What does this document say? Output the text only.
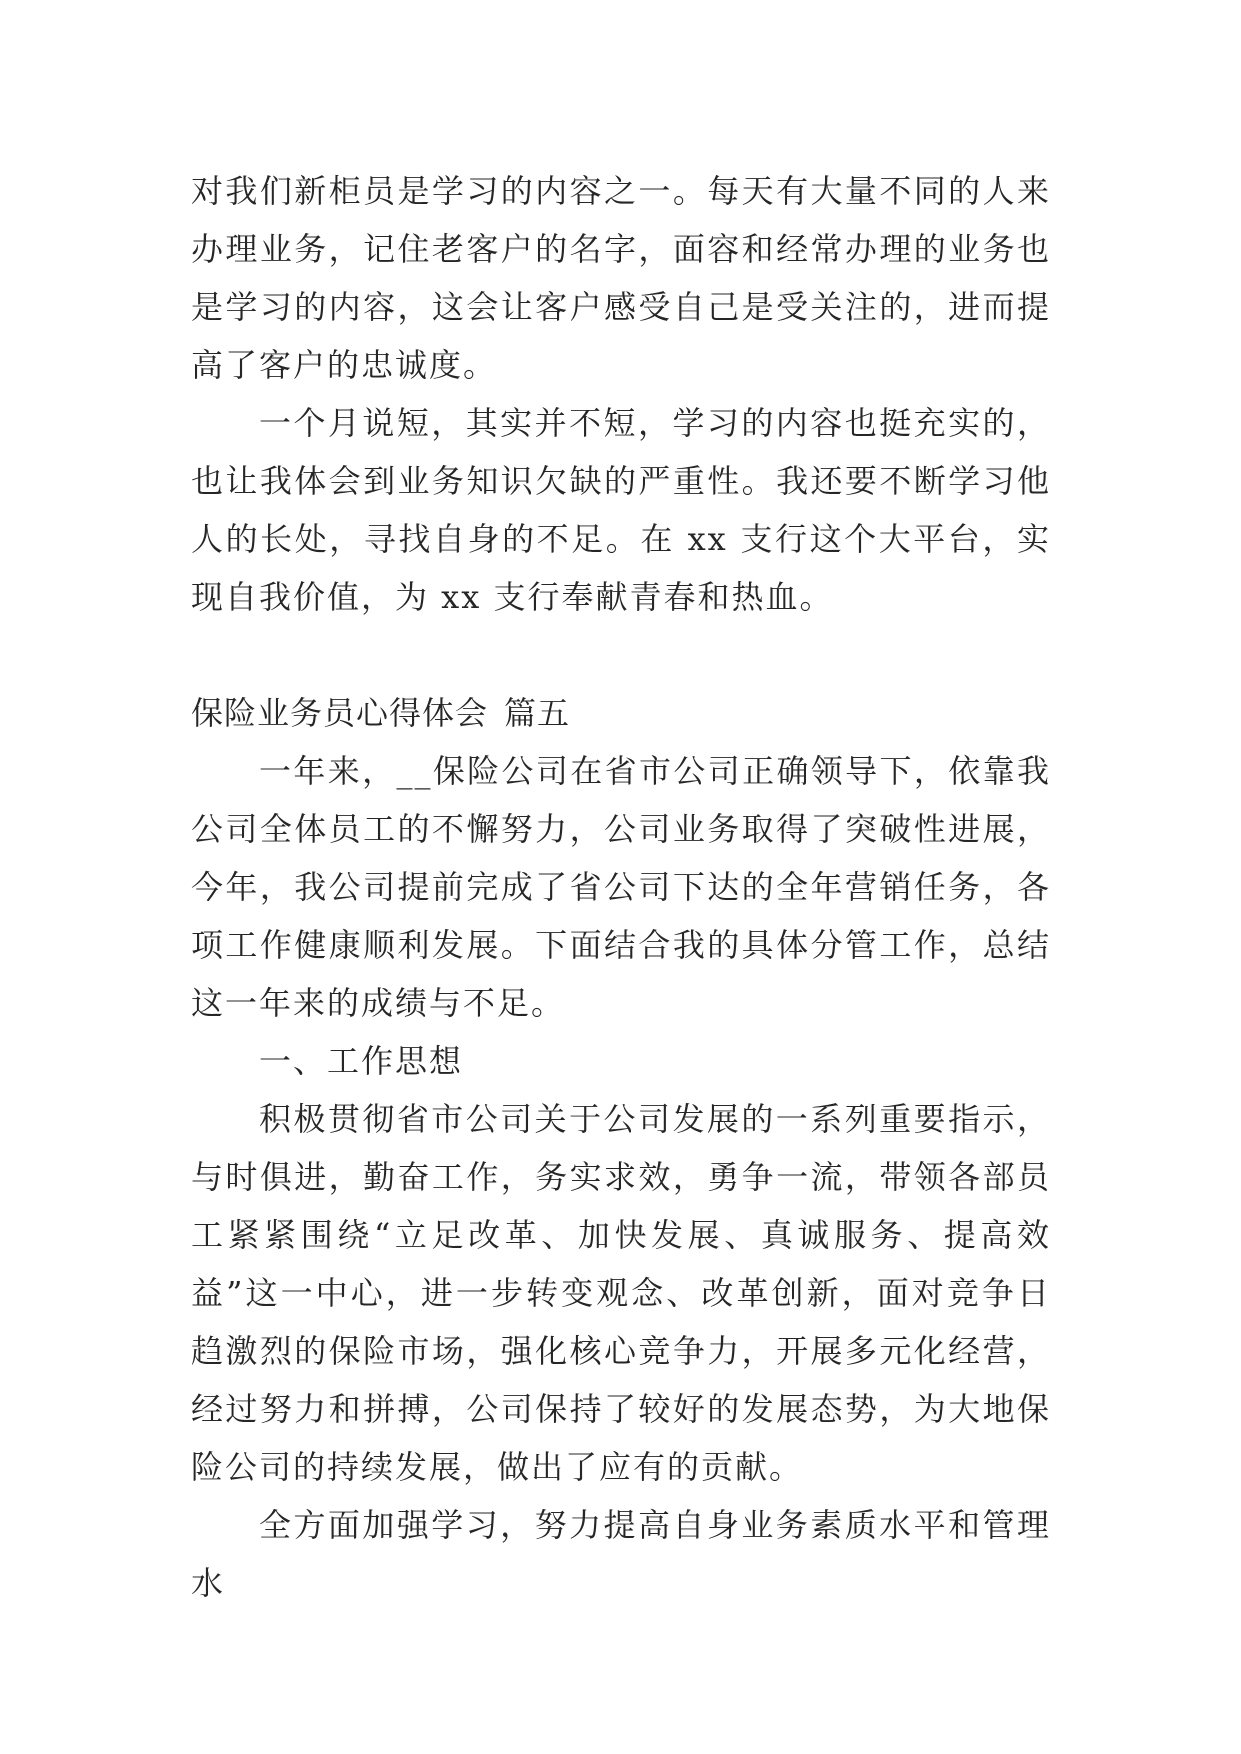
对我们新柜员是学习的内容之一。每天有大量不同的人来办理业务，记住老客户的名字，面容和经常办理的业务也是学习的内容，这会让客户感受自己是受关注的，进而提高了客户的忠诚度。

一个月说短，其实并不短，学习的内容也挺充实的，也让我体会到业务知识欠缺的严重性。我还要不断学习他人的长处，寻找自身的不足。在 xx 支行这个大平台，实现自我价值，为 xx 支行奉献青春和热血。

保险业务员心得体会 篇五

一年来，__保险公司在省市公司正确领导下，依靠我公司全体员工的不懈努力，公司业务取得了突破性进展，今年，我公司提前完成了省公司下达的全年营销任务，各项工作健康顺利发展。下面结合我的具体分管工作，总结这一年来的成绩与不足。

一、工作思想

积极贯彻省市公司关于公司发展的一系列重要指示，与时俱进，勤奋工作，务实求效，勇争一流，带领各部员工紧紧围绕“立足改革、加快发展、真诚服务、提高效益”这一中心，进一步转变观念、改革创新，面对竞争日趋激烈的保险市场，强化核心竞争力，开展多元化经营，经过努力和拼搏，公司保持了较好的发展态势，为大地保险公司的持续发展，做出了应有的贡献。

全方面加强学习，努力提高自身业务素质水平和管理水
